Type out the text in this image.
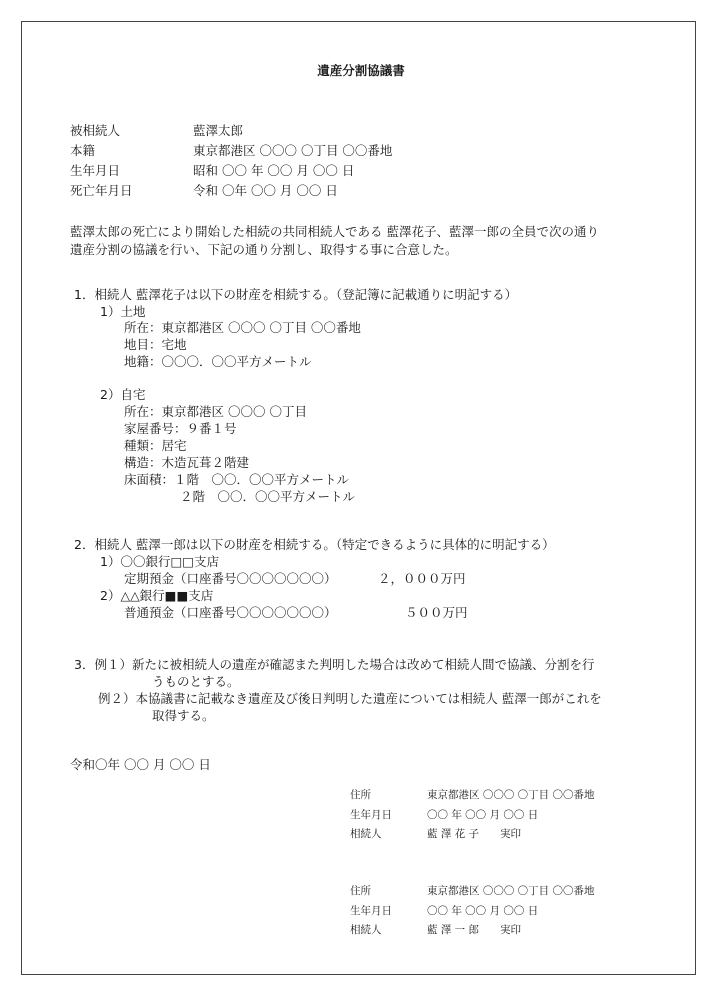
遺産分割協議書
被相続人	藍澤太郎
本籍	東京都港区 〇〇〇 〇丁目 〇〇番地
生年月日	昭和 〇〇 年 〇〇 月 〇〇 日
死亡年月日	令和 〇年 〇〇 月 〇〇 日
藍澤太郎の死亡により開始した相続の共同相続人である 藍澤花子、藍澤一郎の全員で次の通り
遺産分割の協議を行い、下記の通り分割し、取得する事に合意した。
1．相続人 藍澤花子は以下の財産を相続する。（登記簿に記載通りに明記する）
1）土地
所在：東京都港区 〇〇〇 〇丁目 〇〇番地
地目：宅地
地籍：〇〇〇．〇〇平方メートル
2）自宅
所在：東京都港区 〇〇〇 〇丁目
家屋番号：９番１号
種類：居宅
構造：木造瓦葺２階建
床面積：１階　〇〇．〇〇平方メートル
２階　〇〇．〇〇平方メートル
2．相続人 藍澤一郎は以下の財産を相続する。（特定できるように具体的に明記する）
1）〇〇銀行□□支店
定期預金（口座番号〇〇〇〇〇〇〇）	２，０００万円
2）△△銀行■■支店
普通預金（口座番号〇〇〇〇〇〇〇）	５００万円
3．例１）新たに被相続人の遺産が確認また判明した場合は改めて相続人間で協議、分割を行
うものとする。
例２）本協議書に記載なき遺産及び後日判明した遺産については相続人 藍澤一郎がこれを
取得する。
令和〇年 〇〇 月 〇〇 日
住所	東京都港区 〇〇〇 〇丁目 〇〇番地
生年月日	〇〇 年 〇〇 月 〇〇 日
相続人	藍 澤 花 子　　実印
住所	東京都港区 〇〇〇 〇丁目 〇〇番地
生年月日	〇〇 年 〇〇 月 〇〇 日
相続人	藍 澤 一 郎　　実印
